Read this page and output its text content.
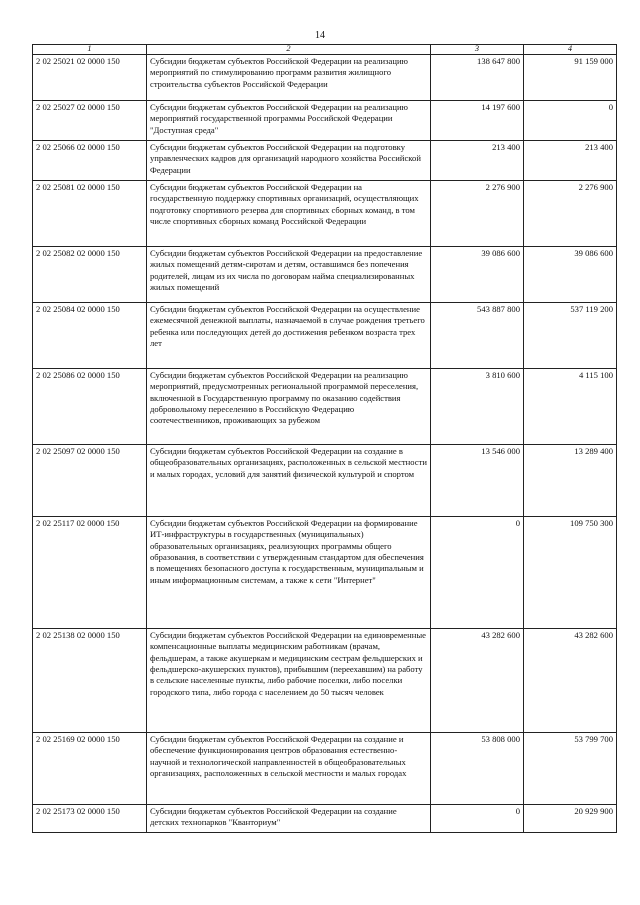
14
1	2	3	4
2 02 25021 02 0000 150	Субсидии бюджетам субъектов Российской Федерации на реализацию мероприятий по стимулированию программ развития жилищного строительства субъектов Российской Федерации	138 647 800	91 159 000
2 02 25027 02 0000 150	Субсидии бюджетам субъектов Российской Федерации на реализацию мероприятий государственной программы Российской Федерации "Доступная среда"	14 197 600	0
2 02 25066 02 0000 150	Субсидии бюджетам субъектов Российской Федерации на подготовку управленческих кадров для организаций народного хозяйства Российской Федерации	213 400	213 400
2 02 25081 02 0000 150	Субсидии бюджетам субъектов Российской Федерации на государственную поддержку спортивных организаций, осуществляющих подготовку спортивного резерва для спортивных сборных команд, в том числе спортивных сборных команд Российской Федерации	2 276 900	2 276 900
2 02 25082 02 0000 150	Субсидии бюджетам субъектов Российской Федерации на предоставление жилых помещений детям-сиротам и детям, оставшимся без попечения родителей, лицам из их числа по договорам найма специализированных жилых помещений	39 086 600	39 086 600
2 02 25084 02 0000 150	Субсидии бюджетам субъектов Российской Федерации на осуществление ежемесячной денежной выплаты, назначаемой в случае рождения третьего ребенка или последующих детей до достижения ребенком возраста трех лет	543 887 800	537 119 200
2 02 25086 02 0000 150	Субсидии бюджетам субъектов Российской Федерации на реализацию мероприятий, предусмотренных региональной программой переселения, включенной в Государственную программу по оказанию содействия добровольному переселению в Российскую Федерацию соотечественников, проживающих за рубежом	3 810 600	4 115 100
2 02 25097 02 0000 150	Субсидии бюджетам субъектов Российской Федерации на создание в общеобразовательных организациях, расположенных в сельской местности и малых городах, условий для занятий физической культурой и спортом	13 546 000	13 289 400
2 02 25117 02 0000 150	Субсидии бюджетам субъектов Российской Федерации на формирование ИТ-инфраструктуры в государственных (муниципальных) образовательных организациях, реализующих программы общего образования, в соответствии с утвержденным стандартом для обеспечения в помещениях безопасного доступа к государственным, муниципальным и иным информационным системам, а также к сети "Интернет"	0	109 750 300
2 02 25138 02 0000 150	Субсидии бюджетам субъектов Российской Федерации на единовременные компенсационные выплаты медицинским работникам (врачам, фельдшерам, а также акушеркам и медицинским сестрам фельдшерских и фельдшерско-акушерских пунктов), прибывшим (переехавшим) на работу в сельские населенные пункты, либо рабочие поселки, либо поселки городского типа, либо города с населением до 50 тысяч человек	43 282 600	43 282 600
2 02 25169 02 0000 150	Субсидии бюджетам субъектов Российской Федерации на создание и обеспечение функционирования центров образования естественно-научной и технологической направленностей в общеобразовательных организациях, расположенных в сельской местности и малых городах	53 808 000	53 799 700
2 02 25173 02 0000 150	Субсидии бюджетам субъектов Российской Федерации на создание детских технопарков "Кванториум"	0	20 929 900
